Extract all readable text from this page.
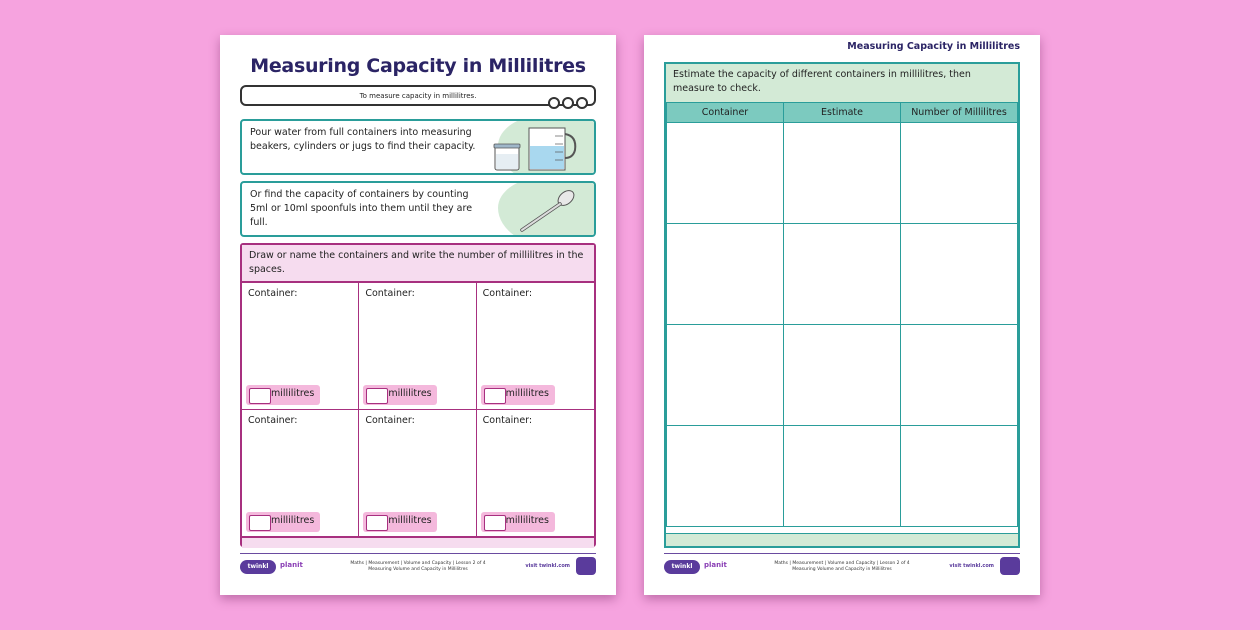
Measuring Capacity in Millilitres
To measure capacity in millilitres.
Pour water from full containers into measuring beakers, cylinders or jugs to find their capacity.
Or find the capacity of containers by counting 5ml or 10ml spoonfuls into them until they are full.
Draw or name the containers and write the number of millilitres in the spaces.
Container:
millilitres
Container:
millilitres
Container:
millilitres
Container:
millilitres
Container:
millilitres
Container:
millilitres
twinkl	planit	Maths | Measurement | Volume and Capacity | Lesson 2 of 4
Measuring Volume and Capacity in Millilitres
visit twinkl.com
Measuring Capacity in Millilitres
Estimate the capacity of different containers in millilitres, then measure to check.
Container	Estimate	Number of Millilitres

twinkl	planit	Maths | Measurement | Volume and Capacity | Lesson 2 of 4
Measuring Volume and Capacity in Millilitres
visit twinkl.com
